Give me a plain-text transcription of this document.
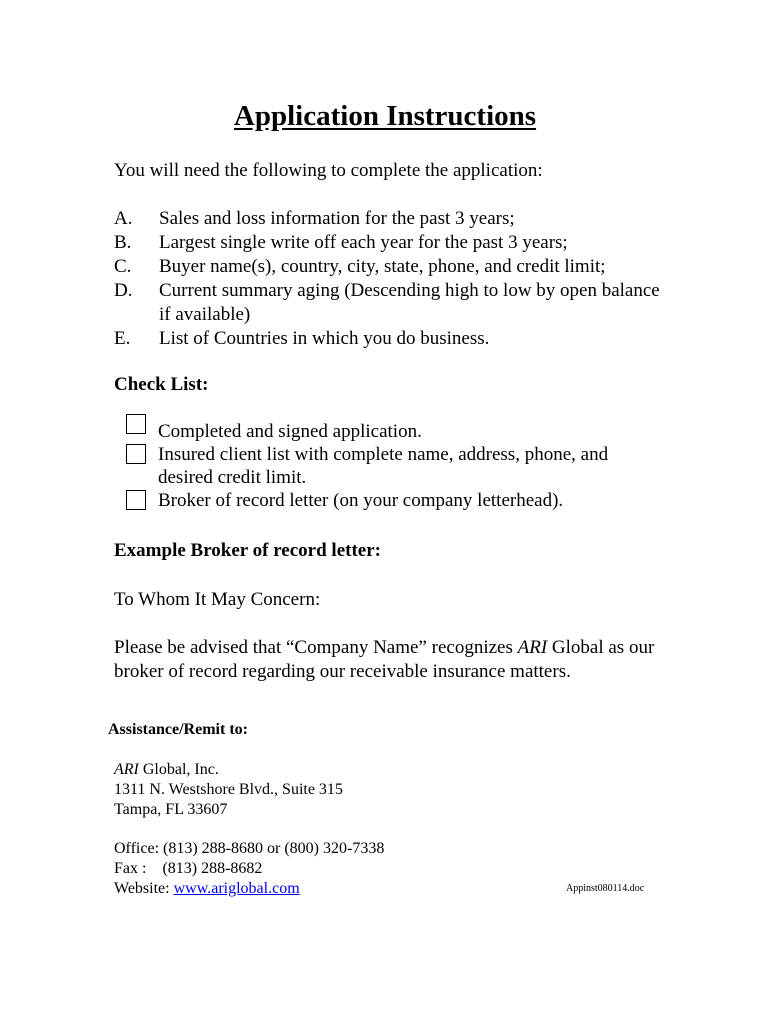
Application Instructions

You will need the following to complete the application:

A.	Sales and loss information for the past 3 years;
B.	Largest single write off each year for the past 3 years;
C.	Buyer name(s), country, city, state, phone, and credit limit;
D.	Current summary aging (Descending high to low by open balance if available)
E.	List of Countries in which you do business.

Check List:

Completed and signed application.
Insured client list with complete name, address, phone, and desired credit limit.
Broker of record letter (on your company letterhead).

Example Broker of record letter:

To Whom It May Concern:

Please be advised that “Company Name” recognizes ARI Global as our broker of record regarding our receivable insurance matters.

Assistance/Remit to:

ARI Global, Inc.
1311 N. Westshore Blvd., Suite 315
Tampa, FL 33607
Office: (813) 288-8680 or (800) 320-7338
Fax :    (813) 288-8682
Website: www.ariglobal.com	Appinst080114.doc
